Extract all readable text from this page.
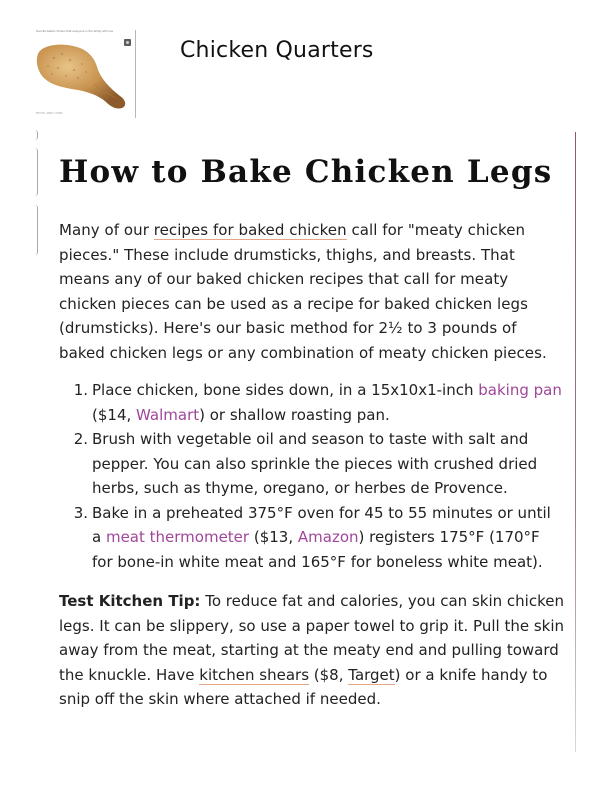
favorite baked chicken that everyone in the family will love
PHOTO: ANDY LYONS
Chicken Quarters
How to Bake Chicken Legs

Many of our recipes for baked chicken call for "meaty chicken pieces." These include drumsticks, thighs, and breasts. That means any of our baked chicken recipes that call for meaty chicken pieces can be used as a recipe for baked chicken legs (drumsticks). Here's our basic method for 2½ to 3 pounds of baked chicken legs or any combination of meaty chicken pieces.

1. Place chicken, bone sides down, in a 15x10x1-inch baking pan ($14, Walmart) or shallow roasting pan.
2. Brush with vegetable oil and season to taste with salt and pepper. You can also sprinkle the pieces with crushed dried herbs, such as thyme, oregano, or herbes de Provence.
3. Bake in a preheated 375°F oven for 45 to 55 minutes or until a meat thermometer ($13, Amazon) registers 175°F (170°F for bone-in white meat and 165°F for boneless white meat).

Test Kitchen Tip: To reduce fat and calories, you can skin chicken legs. It can be slippery, so use a paper towel to grip it. Pull the skin away from the meat, starting at the meaty end and pulling toward the knuckle. Have kitchen shears ($8, Target) or a knife handy to snip off the skin where attached if needed.
